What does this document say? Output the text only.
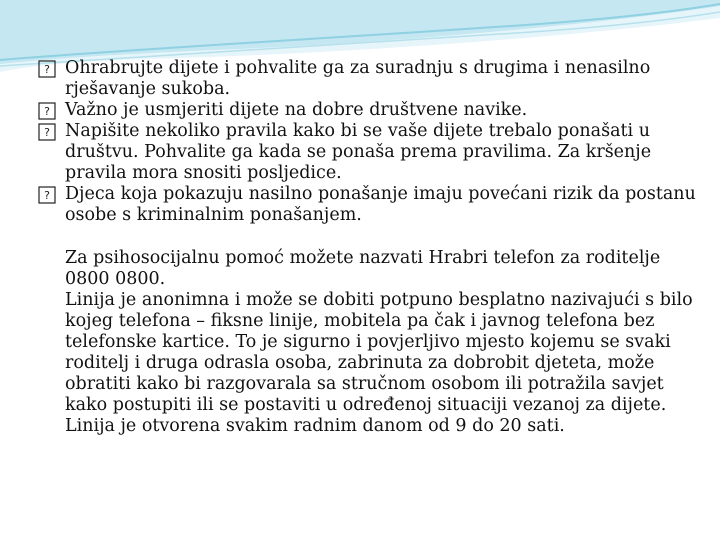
? Ohrabrujte dijete i pohvalite ga za suradnju s drugima i nenasilno rješavanje sukoba.
? Važno je usmjeriti dijete na dobre društvene navike.
? Napišite nekoliko pravila kako bi se vaše dijete trebalo ponašati u društvu. Pohvalite ga kada se ponaša prema pravilima. Za kršenje pravila mora snositi posljedice.
? Djeca koja pokazuju nasilno ponašanje imaju povećani rizik da postanu osobe s kriminalnim ponašanjem.

Za psihosocijalnu pomoć možete nazvati Hrabri telefon za roditelje 0800 0800.

Linija je anonimna i može se dobiti potpuno besplatno nazivajući s bilo kojeg telefona – fiksne linije, mobitela pa čak i javnog telefona bez telefonske kartice. To je sigurno i povjerljivo mjesto kojemu se svaki roditelj i druga odrasla osoba, zabrinuta za dobrobit djeteta, može obratiti kako bi razgovarala sa stručnom osobom ili potražila savjet kako postupiti ili se postaviti u određenoj situaciji vezanoj za dijete. Linija je otvorena svakim radnim danom od 9 do 20 sati.
